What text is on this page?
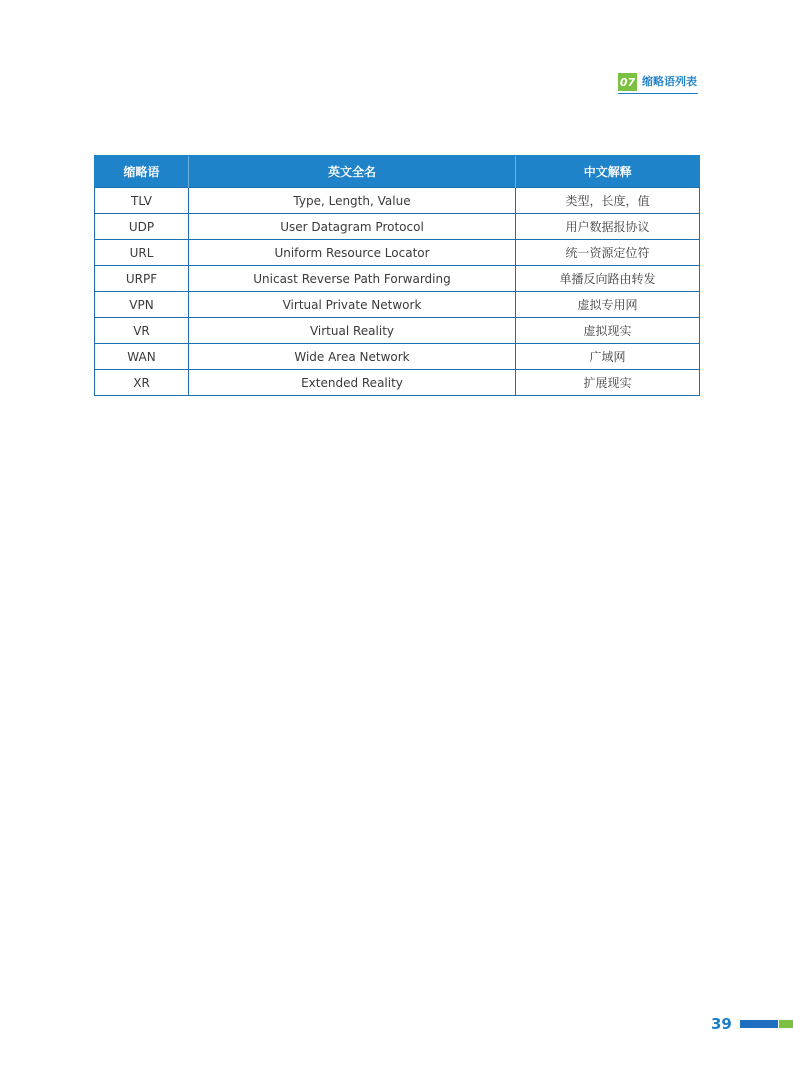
07 缩略语列表
缩略语	英文全名	中文解释
TLV	Type, Length, Value	类型，长度，值
UDP	User Datagram Protocol	用户数据报协议
URL	Uniform Resource Locator	统一资源定位符
URPF	Unicast Reverse Path Forwarding	单播反向路由转发
VPN	Virtual Private Network	虚拟专用网
VR	Virtual Reality	虚拟现实
WAN	Wide Area Network	广域网
XR	Extended Reality	扩展现实
39
